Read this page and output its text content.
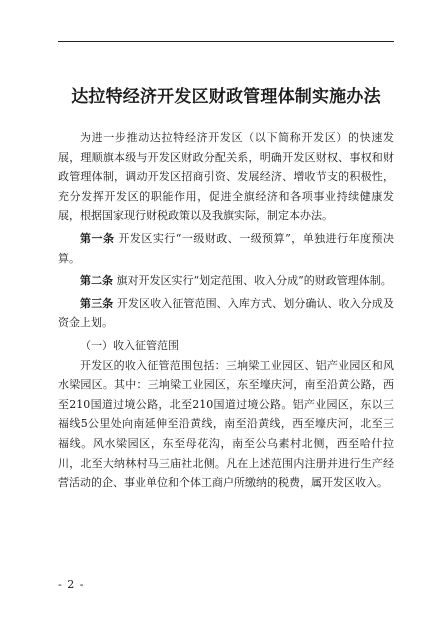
达拉特经济开发区财政管理体制实施办法

为进一步推动达拉特经济开发区（以下简称开发区）的快速发展，理顺旗本级与开发区财政分配关系，明确开发区财权、事权和财政管理体制，调动开发区招商引资、发展经济、增收节支的积极性，充分发挥开发区的职能作用，促进全旗经济和各项事业持续健康发展，根据国家现行财税政策以及我旗实际，制定本办法。

第一条 开发区实行“一级财政、一级预算”，单独进行年度预决算。

第二条 旗对开发区实行“划定范围、收入分成”的财政管理体制。

第三条 开发区收入征管范围、入库方式、划分确认、收入分成及资金上划。

（一）收入征管范围

开发区的收入征管范围包括：三垧梁工业园区、铝产业园区和风水梁园区。其中：三垧梁工业园区，东至壕庆河，南至沿黄公路，西至210国道过境公路，北至210国道过境公路。铝产业园区，东以三福线5公里处向南延伸至沿黄线，南至沿黄线，西至壕庆河，北至三福线。风水梁园区，东至母花沟，南至公乌素村北侧，西至哈什拉川，北至大纳林村马三庙社北侧。凡在上述范围内注册并进行生产经营活动的企、事业单位和个体工商户所缴纳的税费，属开发区收入。

- 2 -
